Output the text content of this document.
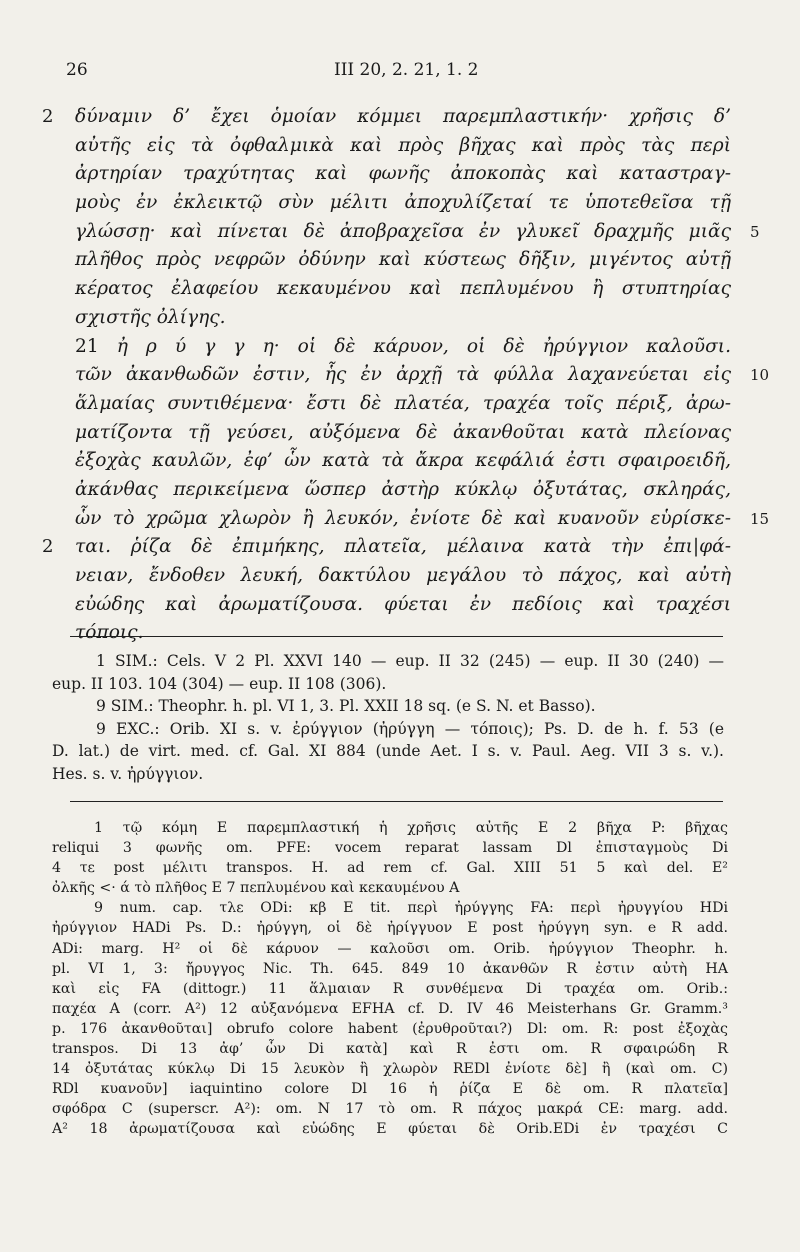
26	III 20, 2. 21, 1. 2
2 δύναμιν δ’ ἔχει ὁμοίαν κόμμει παρεμπλαστικήν· χρῆσις δ’
αὐτῆς εἰς τὰ ὀφθαλμικὰ καὶ πρὸς βῆχας καὶ πρὸς τὰς περὶ
ἀρτηρίαν τραχύτητας καὶ φωνῆς ἀποκοπὰς καὶ καταστραγ-
μοὺς ἐν ἐκλεικτῷ σὺν μέλιτι ἀποχυλίζεταί τε ὑποτεθεῖσα τῇ
γλώσσῃ· καὶ πίνεται δὲ ἀποβραχεῖσα ἐν γλυκεῖ δραχμῆς μιᾶς 5
πλῆθος πρὸς νεφρῶν ὀδύνην καὶ κύστεως δῆξιν, μιγέντος αὐτῇ
κέρατος ἐλαφείου κεκαυμένου καὶ πεπλυμένου ἢ στυπτηρίας
σχιστῆς ὀλίγης.
21 ἠ ρ ύ γ γ η· οἱ δὲ κάρυον, οἱ δὲ ἠρύγγιον καλοῦσι.
τῶν ἀκανθωδῶν ἐστιν, ἧς ἐν ἀρχῇ τὰ φύλλα λαχανεύεται εἰς 10
ἅλμαίας συντιθέμενα· ἔστι δὲ πλατέα, τραχέα τοῖς πέριξ, ἀρω-
ματίζοντα τῇ γεύσει, αὐξόμενα δὲ ἀκανθοῦται κατὰ πλείονας
ἐξοχὰς καυλῶν, ἐφ’ ὧν κατὰ τὰ ἄκρα κεφάλιά ἐστι σφαιροειδῆ,
ἀκάνθας περικείμενα ὥσπερ ἀστὴρ κύκλῳ ὀξυτάτας, σκληράς,
ὧν τὸ χρῶμα χλωρὸν ἢ λευκόν, ἐνίοτε δὲ καὶ κυανοῦν εὑρίσκε- 15
2 ται. ῥίζα δὲ ἐπιμήκης, πλατεῖα, μέλαινα κατὰ τὴν ἐπι|φά-
νειαν, ἔνδοθεν λευκή, δακτύλου μεγάλου τὸ πάχος, καὶ αὐτὴ
εὐώδης καὶ ἀρωματίζουσα. φύεται ἐν πεδίοις καὶ τραχέσι
τόποις.
1 SIM.: Cels. V 2 Pl. XXVI 140 — eup. II 32 (245) — eup. II 30 (240) —
eup. II 103. 104 (304) — eup. II 108 (306).
9 SIM.: Theophr. h. pl. VI 1, 3. Pl. XXII 18 sq. (e S. N. et Basso).
9 EXC.: Orib. XI s. v. ἐρύγγιον (ἠρύγγη — τόποις); Ps. D. de h. f. 53 (e
D. lat.) de virt. med. cf. Gal. XI 884 (unde Aet. I s. v. Paul. Aeg. VII 3 s. v.).
Hes. s. v. ἠρύγγιον.
1 τῷ κόμη E παρεμπλαστική ἡ χρῆσις αὐτῆς E 2 βῆχα P: βῆχας
reliqui 3 φωνῆς om. PFE: vocem reparat lassam Dl ἐπισταγμοὺς Di
4 τε post μέλιτι transpos. H. ad rem cf. Gal. XIII 51 5 καὶ del. E²
ὀλκῆς <· ά τὸ πλῆθος E 7 πεπλυμένου καὶ κεκαυμένου A
9 num. cap. τλε ODi: κβ E tit. περὶ ἠρύγγης FA: περὶ ἠρυγγίου HDi
ἠρύγγιον HADi Ps. D.: ἠρύγγη, οἱ δὲ ἠρίγγυον E post ἠρύγγη syn. e R add.
ADi: marg. H² οἱ δὲ κάρυον — καλοῦσι om. Orib. ἠρύγγιον Theophr. h.
pl. VI 1, 3: ἤρυγγος Nic. Th. 645. 849 10 ἀκανθῶν R ἐστιν αὐτὴ HA
καὶ εἰς FA (dittogr.) 11 ἅλμαιαν R συνθέμενα Di τραχέα om. Orib.:
παχέα A (corr. A²) 12 αὐξανόμενα EFHA cf. D. IV 46 Meisterhans Gr. Gramm.³
p. 176 ἀκανθοῦται] obrufo colore habent (ἐρυθροῦται?) Dl: om. R: post ἐξοχὰς
transpos. Di 13 ἀφ’ ὧν Di κατὰ] καὶ R ἐστι om. R σφαιρώδη R
14 ὀξυτάτας κύκλῳ Di 15 λευκὸν ἢ χλωρὸν REDl ἐνίοτε δὲ] ἢ (καὶ om. C)
RDl κυανοῦν] iaquintino colore Dl 16 ἡ ῥίζα E δὲ om. R πλατεῖα]
σφόδρα C (superscr. A²): om. N 17 τὸ om. R πάχος μακρά CE: marg. add.
A² 18 ἀρωματίζουσα καὶ εὐώδης E φύεται δὲ Orib.EDi ἐν τραχέσι C
